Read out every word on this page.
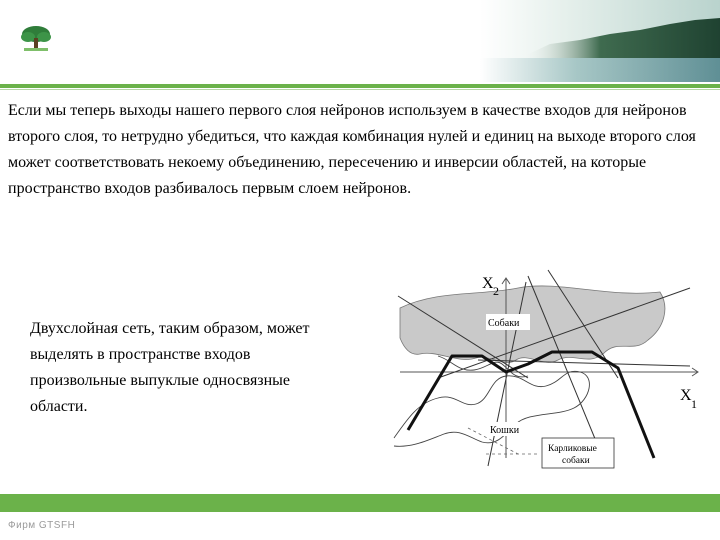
Если мы теперь выходы нашего первого слоя нейронов используем в качестве входов для нейронов второго слоя, то нетрудно убедиться, что каждая комбинация нулей и единиц на выходе второго слоя может соответствовать некоему объединению, пересечению и инверсии областей, на которые пространство входов разбивалось первым слоем нейронов.

Двухслойная сеть, таким образом, может выделять в пространстве входов произвольные выпуклые односвязные области.

X 2
X 1
Собаки
Кошки
Карликовые
собаки
Фирм GTSFH
